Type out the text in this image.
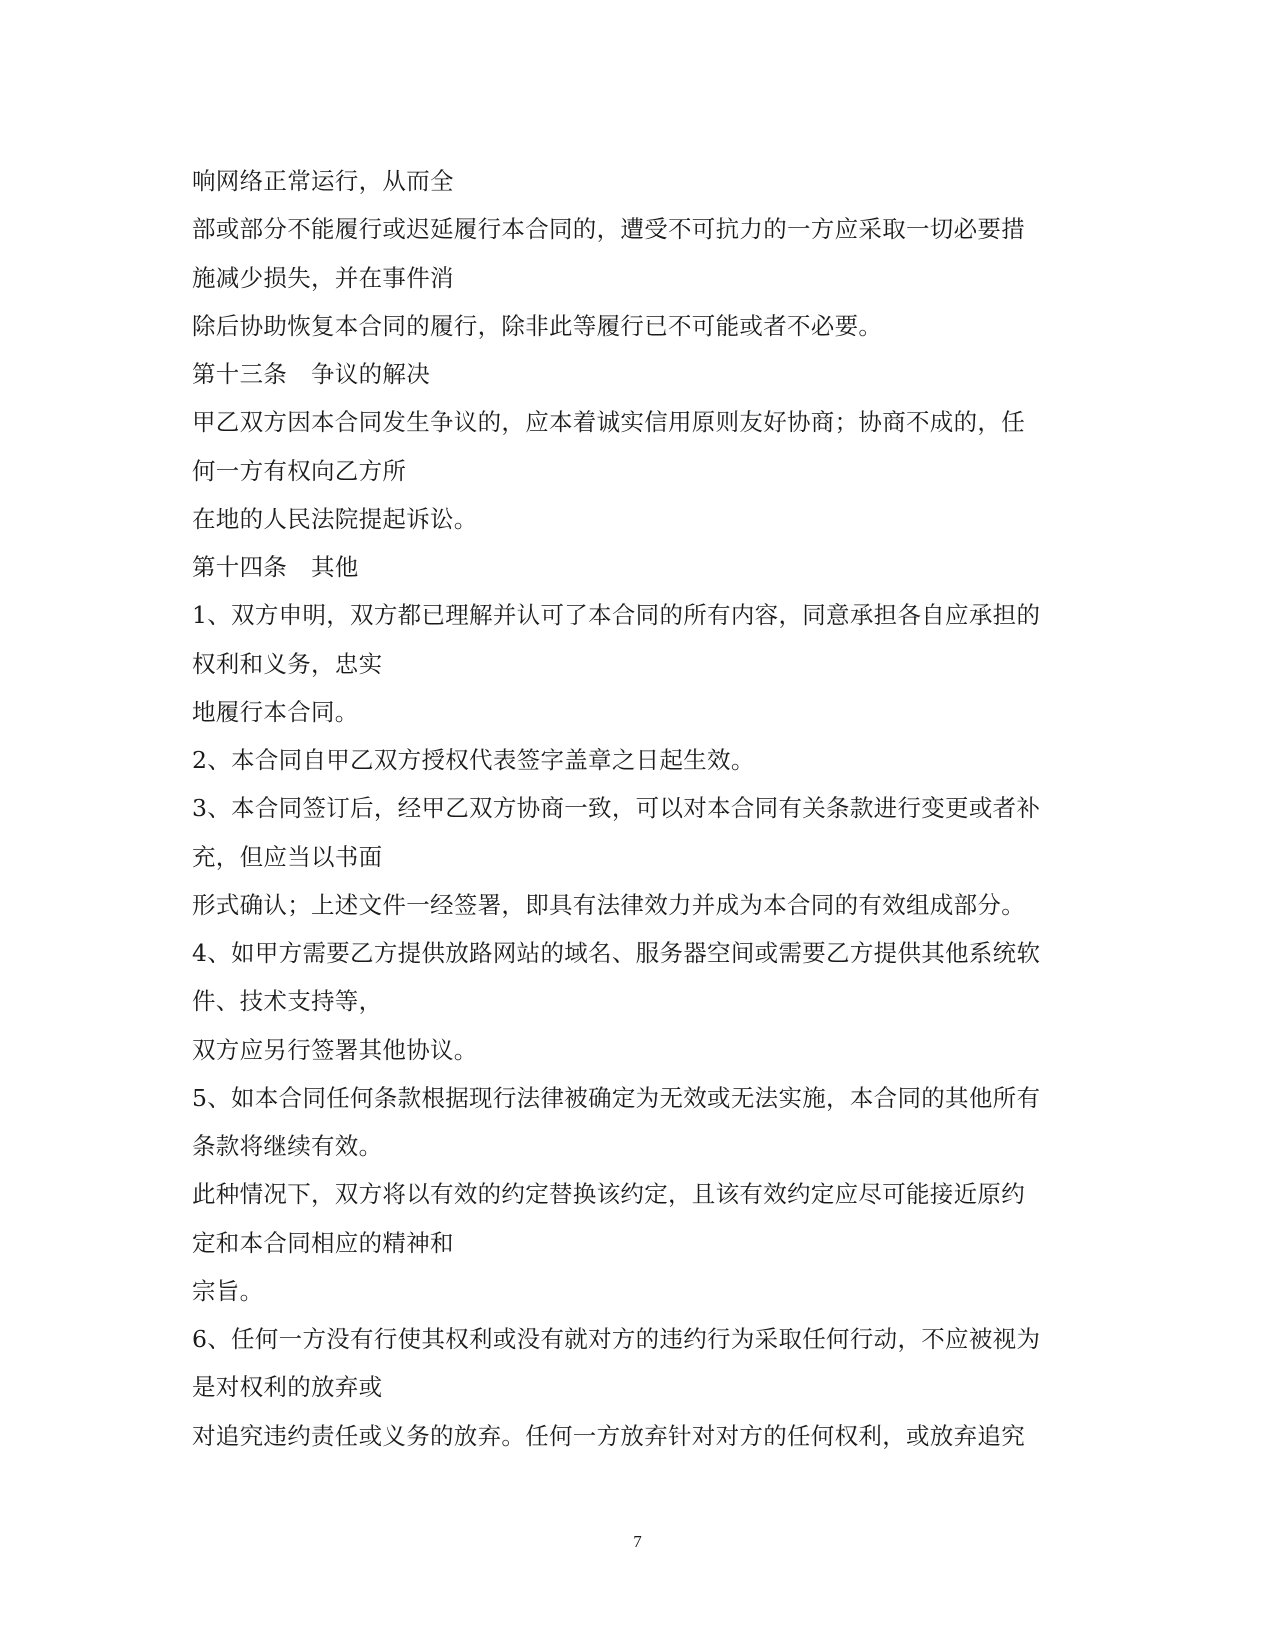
响网络正常运行，从而全
部或部分不能履行或迟延履行本合同的，遭受不可抗力的一方应采取一切必要措
施减少损失，并在事件消
除后协助恢复本合同的履行，除非此等履行已不可能或者不必要。
第十三条　争议的解决
甲乙双方因本合同发生争议的，应本着诚实信用原则友好协商；协商不成的，任
何一方有权向乙方所
在地的人民法院提起诉讼。
第十四条　其他
1、双方申明，双方都已理解并认可了本合同的所有内容，同意承担各自应承担的
权利和义务，忠实
地履行本合同。
2、本合同自甲乙双方授权代表签字盖章之日起生效。
3、本合同签订后，经甲乙双方协商一致，可以对本合同有关条款进行变更或者补
充，但应当以书面
形式确认；上述文件一经签署，即具有法律效力并成为本合同的有效组成部分。
4、如甲方需要乙方提供放路网站的域名、服务器空间或需要乙方提供其他系统软
件、技术支持等，
双方应另行签署其他协议。
5、如本合同任何条款根据现行法律被确定为无效或无法实施，本合同的其他所有
条款将继续有效。
此种情况下，双方将以有效的约定替换该约定，且该有效约定应尽可能接近原约
定和本合同相应的精神和
宗旨。
6、任何一方没有行使其权利或没有就对方的违约行为采取任何行动，不应被视为
是对权利的放弃或
对追究违约责任或义务的放弃。任何一方放弃针对对方的任何权利，或放弃追究
7
